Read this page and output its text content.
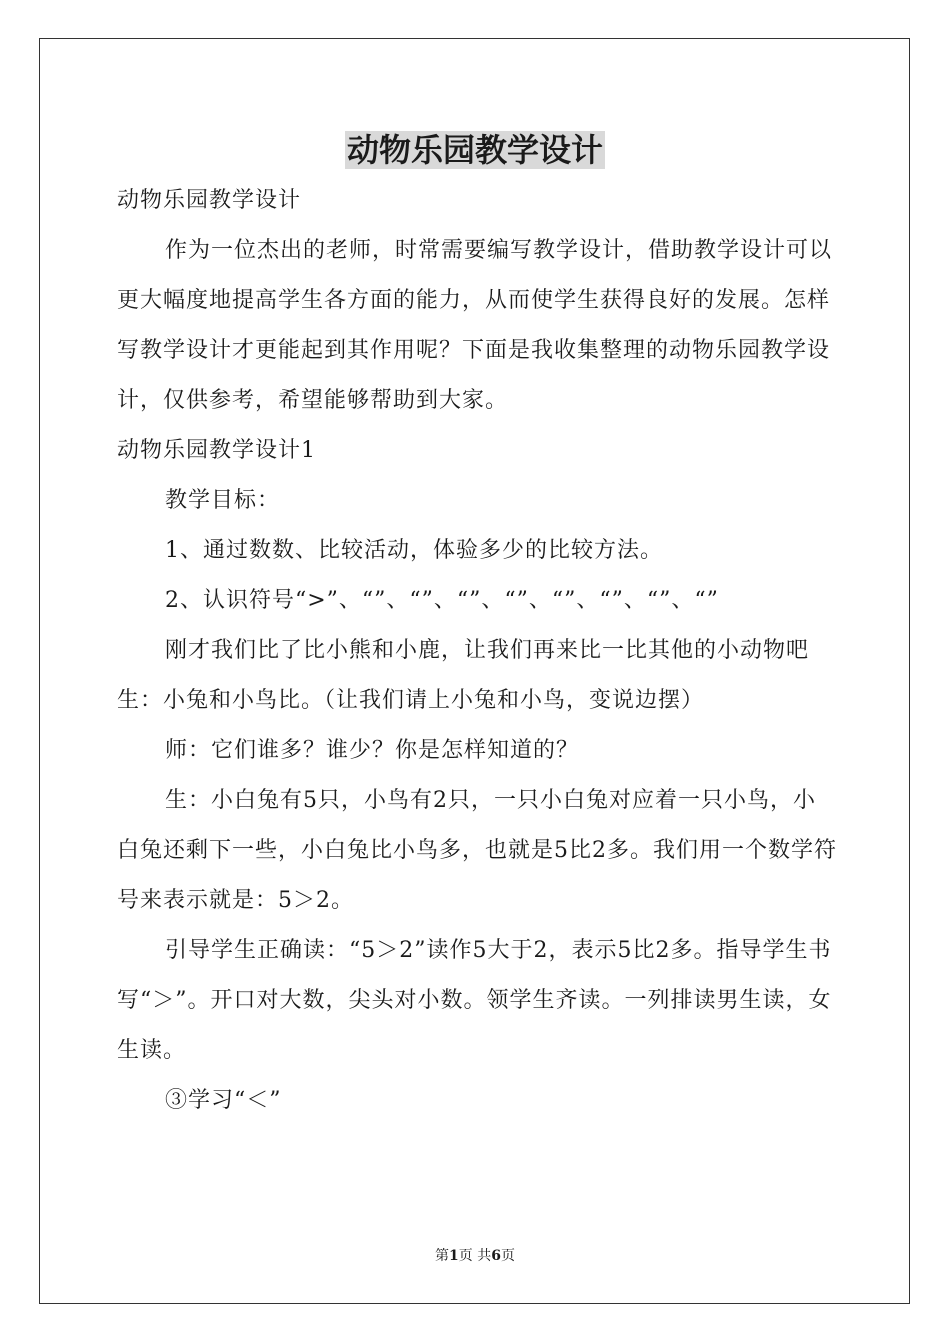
动物乐园教学设计

动物乐园教学设计

作为一位杰出的老师，时常需要编写教学设计，借助教学设计可以更大幅度地提高学生各方面的能力，从而使学生获得良好的发展。怎样写教学设计才更能起到其作用呢？下面是我收集整理的动物乐园教学设计，仅供参考，希望能够帮助到大家。

动物乐园教学设计1

教学目标：

1、通过数数、比较活动，体验多少的比较方法。

2、认识符号“>”、“”、“”、“”、“”、“”、“”、“”、“”

刚才我们比了比小熊和小鹿，让我们再来比一比其他的小动物吧生：小兔和小鸟比。（让我们请上小兔和小鸟，变说边摆）

师：它们谁多？谁少？你是怎样知道的？

生：小白兔有5只，小鸟有2只，一只小白兔对应着一只小鸟，小白兔还剩下一些，小白兔比小鸟多，也就是5比2多。我们用一个数学符号来表示就是：5＞2。

引导学生正确读：“5＞2”读作5大于2，表示5比2多。指导学生书写“＞”。开口对大数，尖头对小数。领学生齐读。一列排读男生读，女生读。

③学习“＜”

第1页 共6页
